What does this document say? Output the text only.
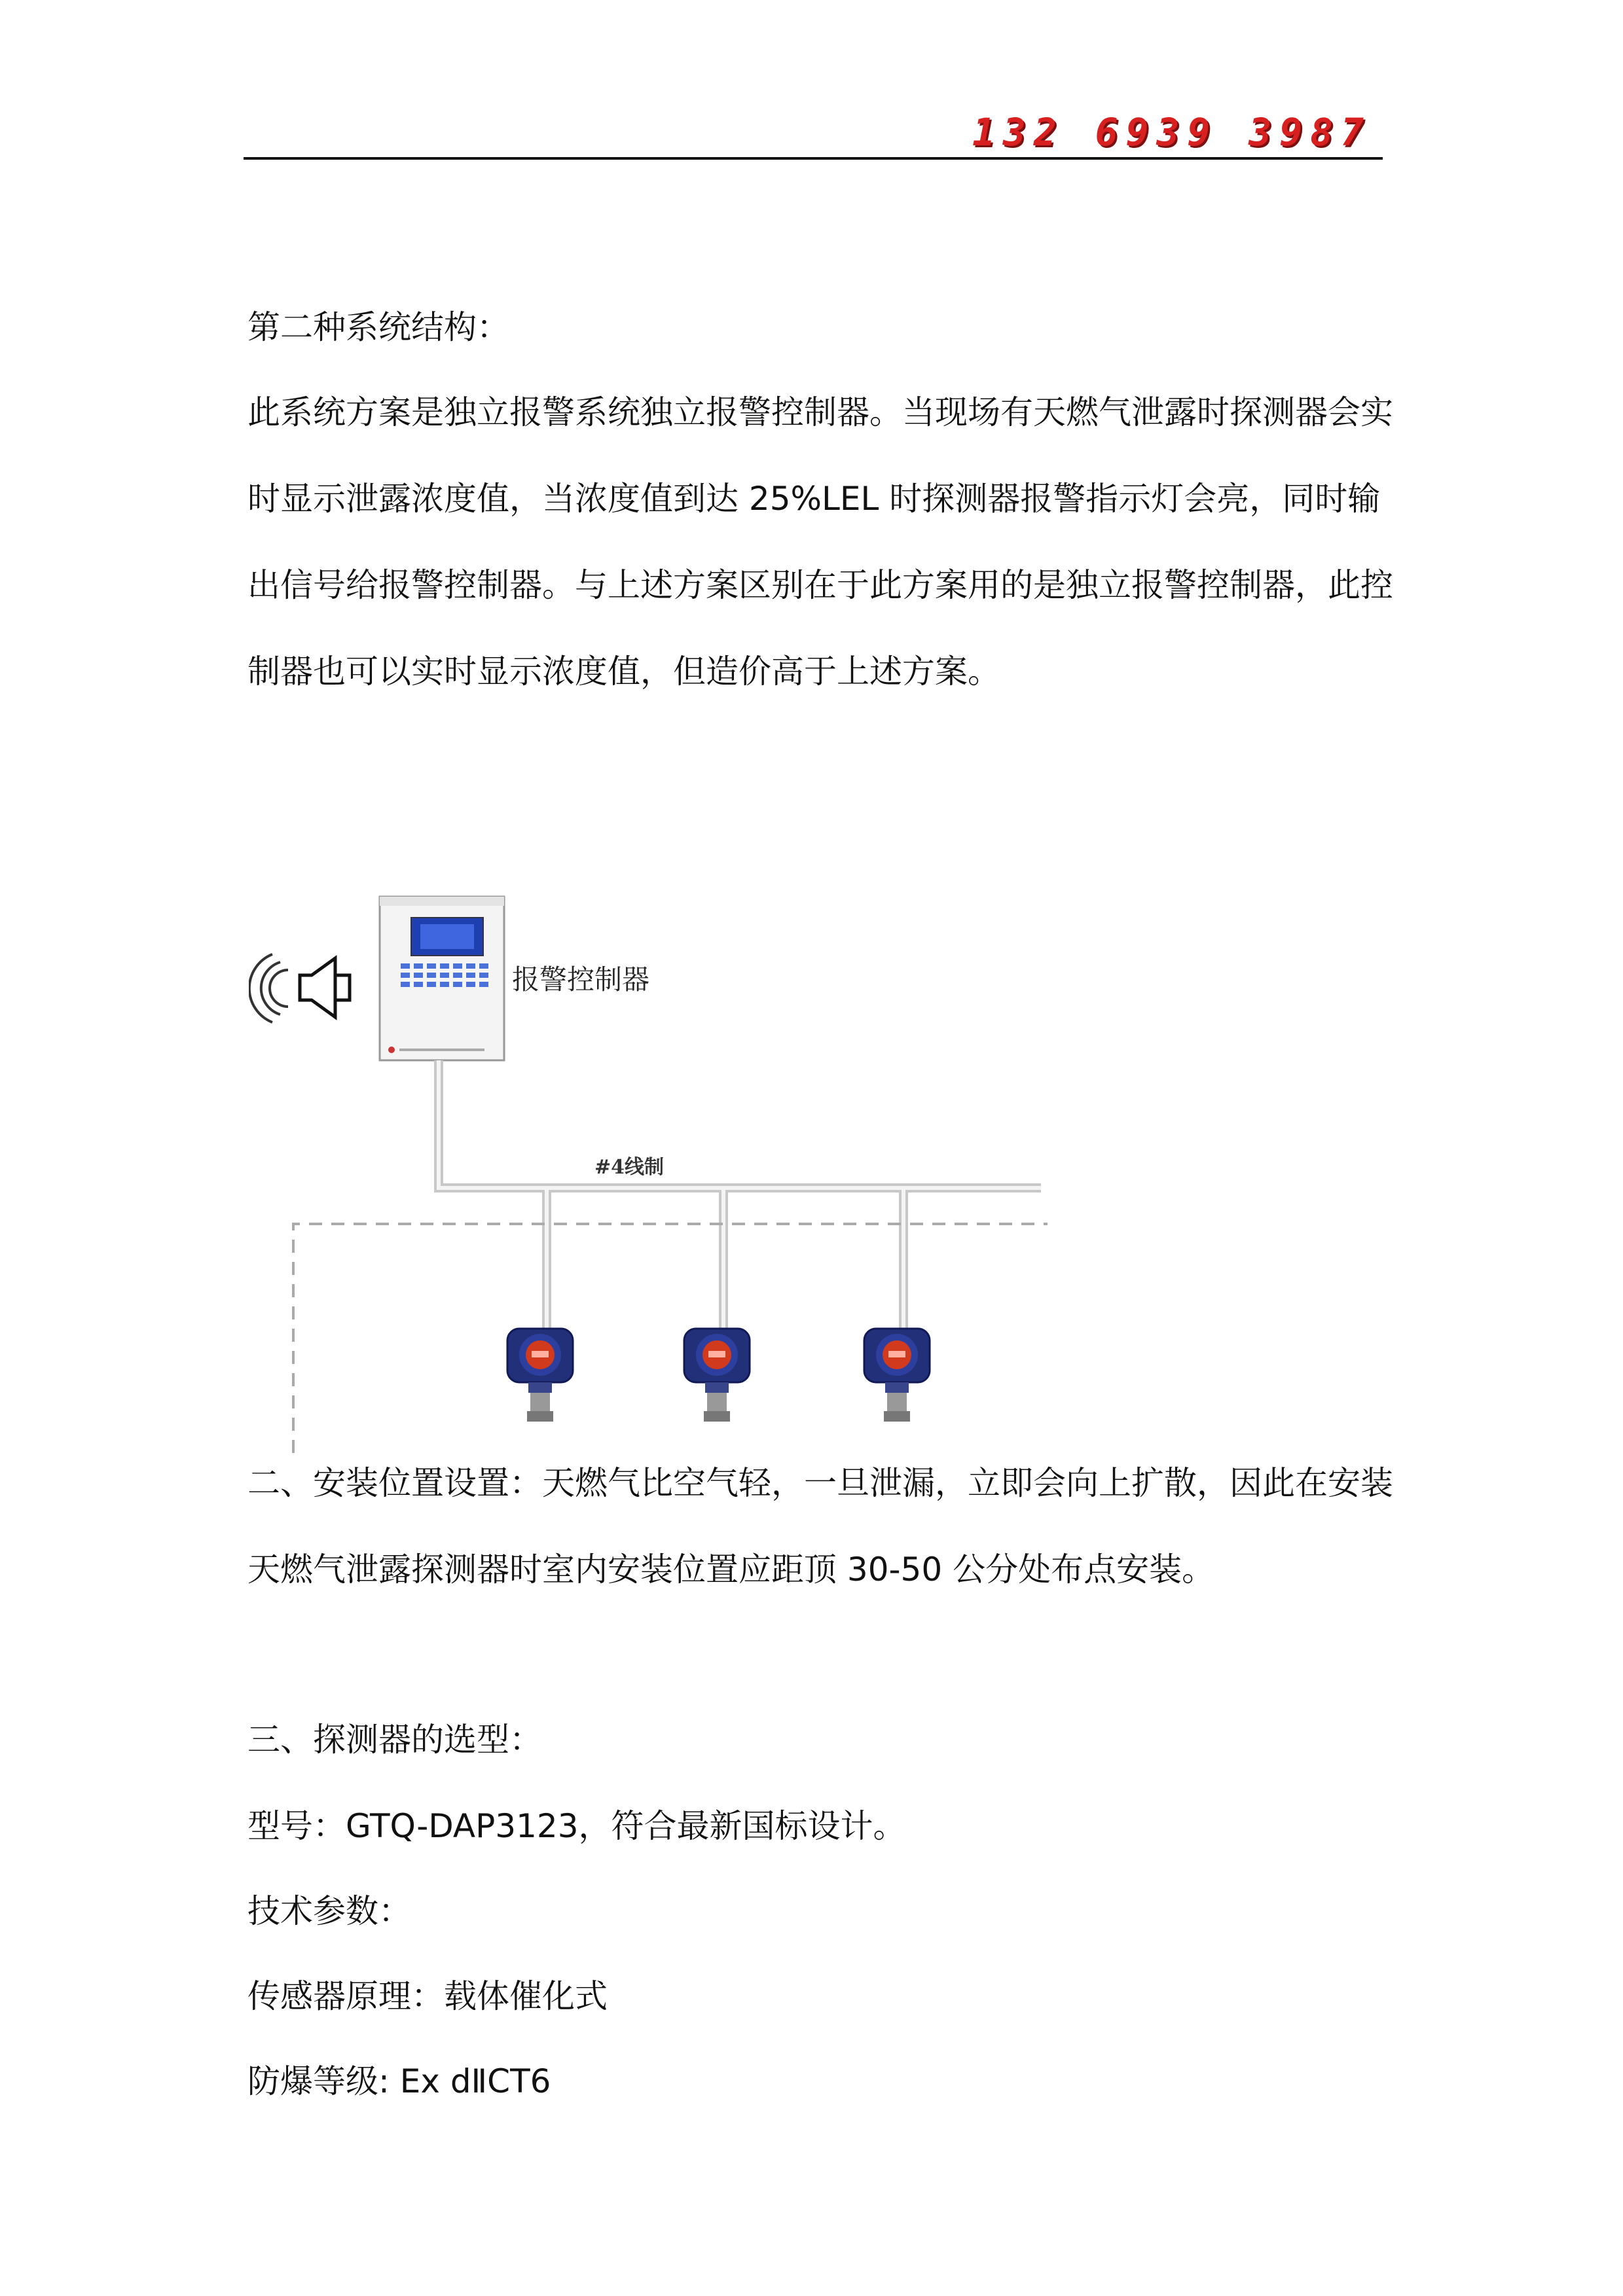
132 6939 3987
第二种系统结构：
此系统方案是独立报警系统独立报警控制器。当现场有天燃气泄露时探测器会实
时显示泄露浓度值，当浓度值到达 25%LEL 时探测器报警指示灯会亮，同时输
出信号给报警控制器。与上述方案区别在于此方案用的是独立报警控制器，此控
制器也可以实时显示浓度值，但造价高于上述方案。
报警控制器
#4线制
二、安装位置设置：天燃气比空气轻，一旦泄漏，立即会向上扩散，因此在安装
天燃气泄露探测器时室内安装位置应距顶 30-50 公分处布点安装。
三、探测器的选型：
型号：GTQ-DAP3123，符合最新国标设计。
技术参数：
传感器原理：载体催化式
防爆等级: Ex dⅡCT6
